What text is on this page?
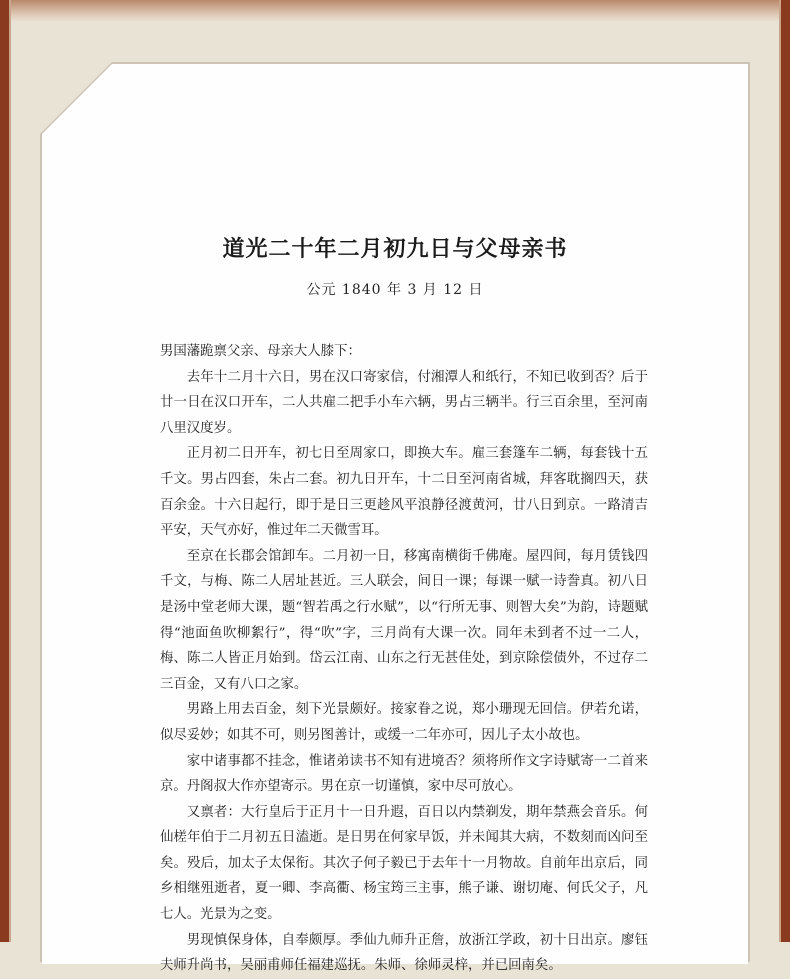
道光二十年二月初九日与父母亲书
公元 1840 年 3 月 12 日

男国藩跪禀父亲、母亲大人膝下：

去年十二月十六日，男在汉口寄家信，付湘潭人和纸行，不知已收到否？后于廿一日在汉口开车，二人共雇二把手小车六辆，男占三辆半。行三百余里，至河南八里汉度岁。

正月初二日开车，初七日至周家口，即换大车。雇三套篷车二辆，每套钱十五千文。男占四套，朱占二套。初九日开车，十二日至河南省城，拜客耽搁四天，获百余金。十六日起行，即于是日三更趁风平浪静径渡黄河，廿八日到京。一路清吉平安，天气亦好，惟过年二天微雪耳。

至京在长郡会馆卸车。二月初一日，移寓南横街千佛庵。屋四间，每月赁钱四千文，与梅、陈二人居址甚近。三人联会，间日一课；每课一赋一诗誊真。初八日是汤中堂老师大课，题“智若禹之行水赋”，以“行所无事、则智大矣”为韵，诗题赋得“池面鱼吹柳絮行”，得“吹”字，三月尚有大课一次。同年未到者不过一二人，梅、陈二人皆正月始到。岱云江南、山东之行无甚佳处，到京除偿债外，不过存二三百金，又有八口之家。

男路上用去百金，刻下光景颇好。接家眷之说，郑小珊现无回信。伊若允诺，似尽妥妙；如其不可，则另图善计，或缓一二年亦可，因儿子太小故也。

家中诸事都不挂念，惟诸弟读书不知有进境否？须将所作文字诗赋寄一二首来京。丹阁叔大作亦望寄示。男在京一切谨慎，家中尽可放心。

又禀者：大行皇后于正月十一日升遐，百日以内禁剃发，期年禁燕会音乐。何仙槎年伯于二月初五日溘逝。是日男在何家早饭，并未闻其大病，不数刻而凶问至矣。殁后，加太子太保衔。其次子何子毅已于去年十一月物故。自前年出京后，同乡相继殂逝者，夏一卿、李高衢、杨宝筠三主事，熊子谦、谢切庵、何氏父子，凡七人。光景为之变。

男现慎保身体，自奉颇厚。季仙九师升正詹，放浙江学政，初十日出京。廖钰夫师升尚书，吴丽甫师任福建巡抚。朱师、徐师灵梓，并已回南矣。
